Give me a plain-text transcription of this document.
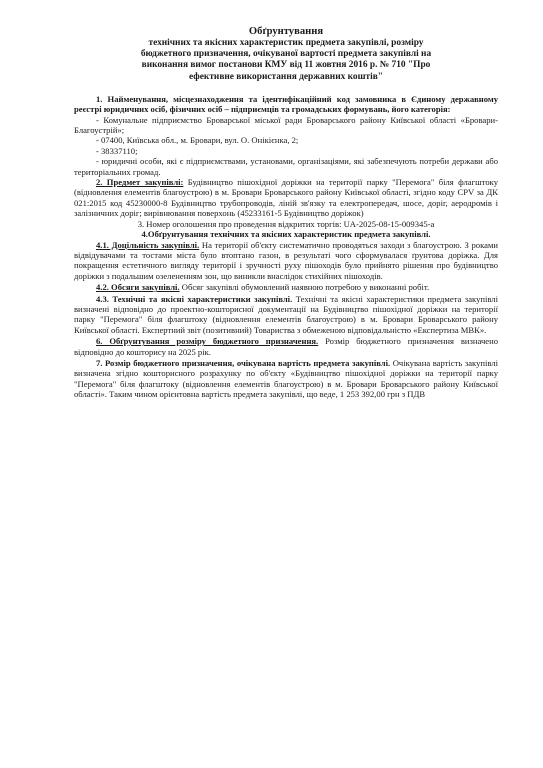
Обґрунтування
технічних та якісних характеристик предмета закупівлі, розміру
бюджетного призначення, очікуваної вартості предмета закупівлі на
виконання вимог постанови КМУ від 11 жовтня 2016 р. № 710 "Про
ефективне використання державних коштів"

1. Найменування, місцезнаходження та ідентифікаційний код замовника в Єдиному державному реєстрі юридичних осіб, фізичних осіб – підприємців та громадських формувань, його категорія:

- Комунальне підприємство Броварської міської ради Броварського району Київської області «Бровари-Благоустрій»;

- 07400, Київська обл., м. Бровари, вул. О. Онікієнка, 2;

- 38337110;

- юридичні особи, які є підприємствами, установами, організаціями, які забезпечують потреби держави або територіальних громад.

2. Предмет закупівлі: Будівництво пішохідної доріжки на території парку "Перемога" біля флагштоку (відновлення елементів благоустрою) в м. Бровари Броварського району Київської області, згідно коду CPV за ДК 021:2015 код 45230000-8 Будівництво трубопроводів, ліній зв'язку та електропередач, шосе, доріг, аеродромів і залізничних доріг; вирівнювання поверхонь (45233161-5 Будівництво доріжок)

3. Номер оголошення про проведення відкритих торгів: UA-2025-08-15-009345-a

4.Обґрунтування технічних та якісних характеристик предмета закупівлі.

4.1. Доцільність закупівлі. На території об'єкту систематично проводяться заходи з благоустрою. З роками відвідувачами та тостами міста було втоптано газон, в результаті чого сформувалася ґрунтова доріжка. Для покращення естетичного вигляду території і зручності руху пішоходів було прийнято рішення про будівництво доріжки з подальшим озелененням зон, що виникли внаслідок стихійних пішоходів.

4.2. Обсяги закупівлі. Обсяг закупівлі обумовлений наявною потребою у виконанні робіт.

4.3. Технічні та якісні характеристики закупівлі. Технічні та якісні характеристики предмета закупівлі визначені відповідно до проектно-кошторисної документації на Будівництво пішохідної доріжки на території парку "Перемога" біля флагштоку (відновлення елементів благоустрою) в м. Бровари Броварського району Київської області. Експертний звіт (позитивний) Товариства з обмеженою відповідальністю «Експертиза МВК».

6. Обґрунтування розміру бюджетного призначення. Розмір бюджетного призначення визначено відповідно до кошторису на 2025 рік.

7. Розмір бюджетного призначення, очікувана вартість предмета закупівлі. Очікувана вартість закупівлі визначена згідно кошторисного розрахунку по об'єкту «Будівництво пішохідної доріжки на території парку "Перемога" біля флагштоку (відновлення елементів благоустрою) в м. Бровари Броварського району Київської області». Таким чином орієнтовна вартість предмета закупівлі, що веде, 1 253 392,00 грн з ПДВ
